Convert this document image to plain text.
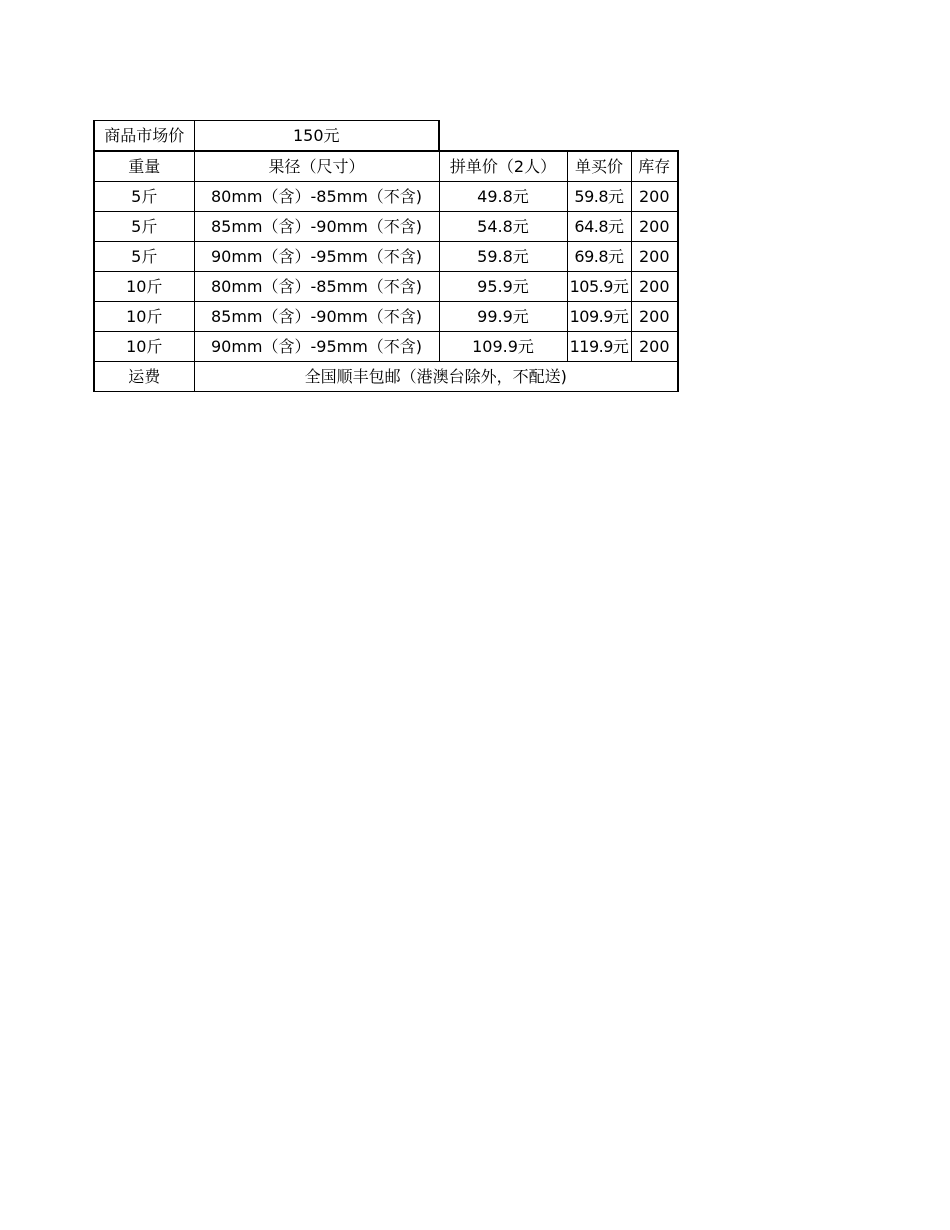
商品市场价	150元			
重量	果径（尺寸）	拼单价（2人）	单买价	库存
5斤	80mm（含）-85mm（不含)	49.8元	59.8元	200
5斤	85mm（含）-90mm（不含)	54.8元	64.8元	200
5斤	90mm（含）-95mm（不含)	59.8元	69.8元	200
10斤	80mm（含）-85mm（不含)	95.9元	105.9元	200
10斤	85mm（含）-90mm（不含)	99.9元	109.9元	200
10斤	90mm（含）-95mm（不含)	109.9元	119.9元	200
运费	全国顺丰包邮（港澳台除外，不配送)			
